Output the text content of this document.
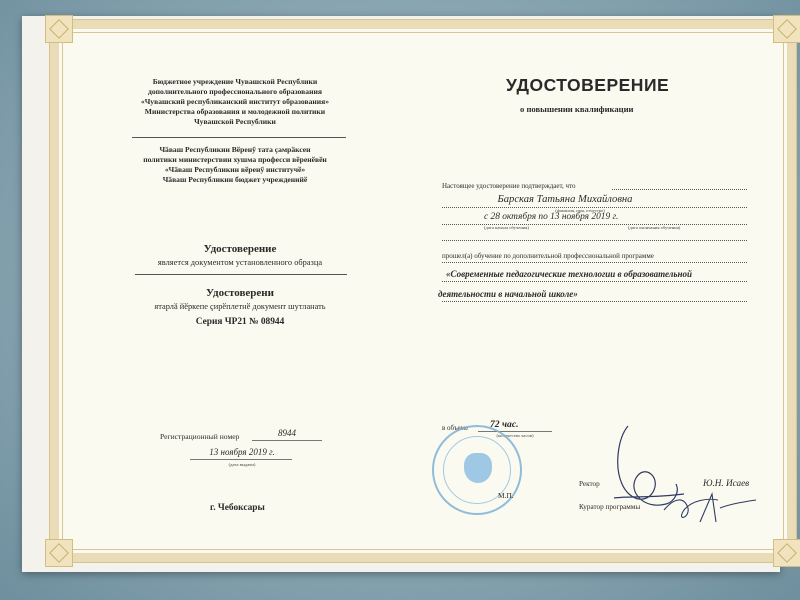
Бюджетное учреждение Чувашской Республики
дополнительного профессионального образования
«Чувашский республиканский институт образования»
Министерства образования и молодежной политики
Чувашской Республики
Чӑваш Республикин Вӗренӳ тата ҫамрӑксен
политики министерствин хушма професси вӗренӗвӗн
«Чӑваш Республикин вӗренӳ институчӗ»
Чӑваш Республикин бюджет учрежденийӗ
Удостоверение
является документом установленного образца
Удостоверени
ятарлӑ йӗркепе ҫирӗплетнӗ документ шутланать
Серия ЧР21 № 08944
Регистрационный номер	8944
13 ноября 2019 г.
(дата выдачи)
г. Чебоксары
УДОСТОВЕРЕНИЕ
о повышении квалификации
Настоящее удостоверение подтверждает, что
Барская Татьяна Михайловна
(фамилия, имя, отчество)
с 28 октября по 13 ноября 2019 г.
(дата начала обучения)	(дата окончания обучения)
прошел(а) обучение по дополнительной профессиональной программе
«Современные педагогические технологии в образовательной
деятельности в начальной школе»
в объеме 72 час.
(количество часов)
М.П.
Ректор	Ю.Н. Исаев
Куратор программы
